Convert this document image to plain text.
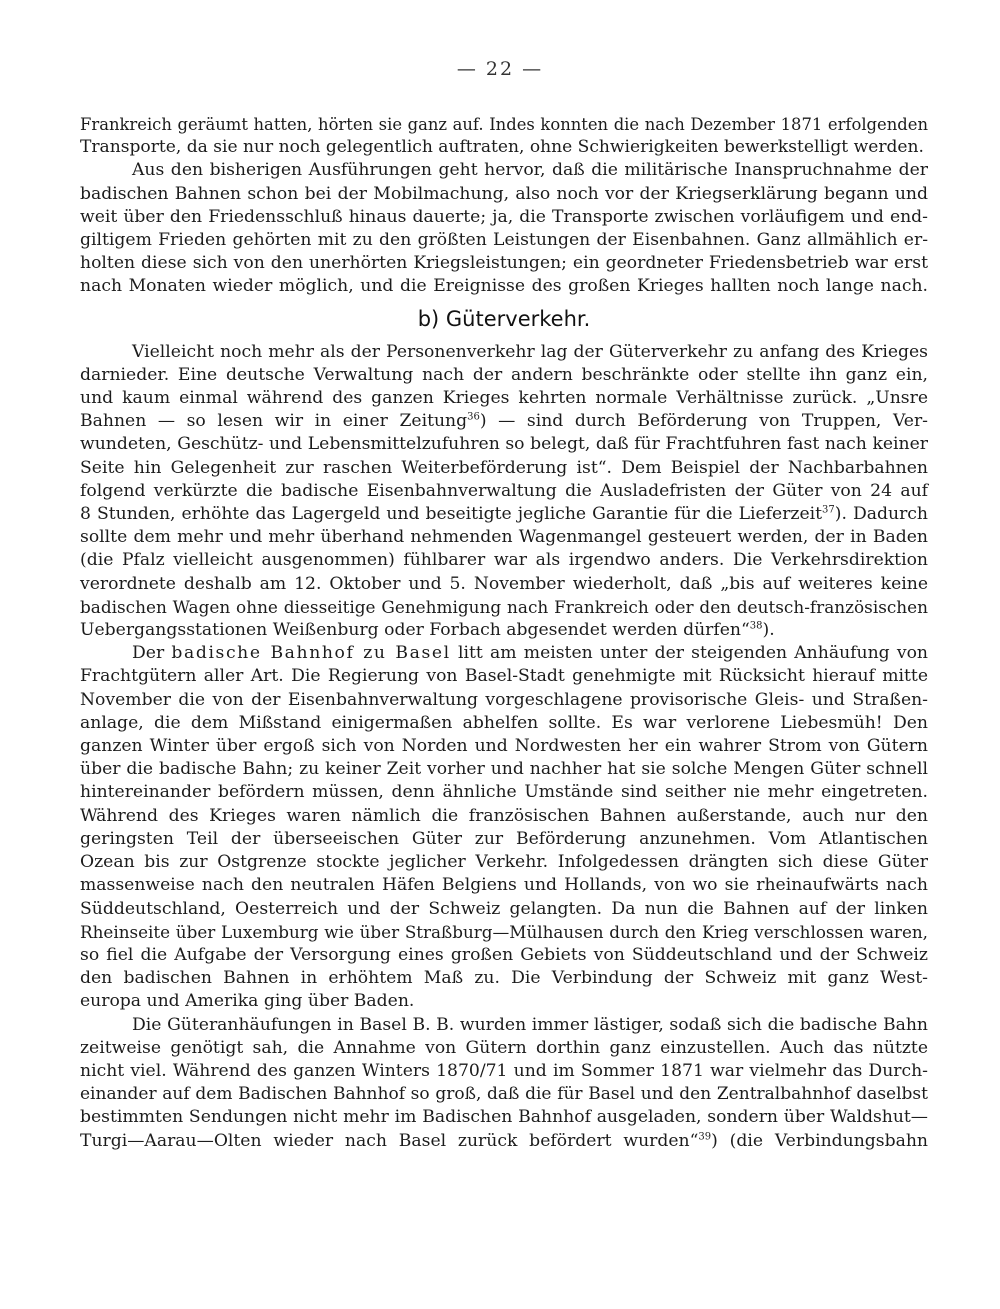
— 22 —
Frankreich geräumt hatten, hörten sie ganz auf. Indes konnten die nach Dezember 1871 erfolgenden
Transporte, da sie nur noch gelegentlich auftraten, ohne Schwierigkeiten bewerkstelligt werden.
Aus den bisherigen Ausführungen geht hervor, daß die militärische Inanspruchnahme der
badischen Bahnen schon bei der Mobilmachung, also noch vor der Kriegserklärung begann und
weit über den Friedensschluß hinaus dauerte; ja, die Transporte zwischen vorläufigem und end-
giltigem Frieden gehörten mit zu den größten Leistungen der Eisenbahnen. Ganz allmählich er-
holten diese sich von den unerhörten Kriegsleistungen; ein geordneter Friedensbetrieb war erst
nach Monaten wieder möglich, und die Ereignisse des großen Krieges hallten noch lange nach.
b) Güterverkehr.
Vielleicht noch mehr als der Personenverkehr lag der Güterverkehr zu anfang des Krieges
darnieder. Eine deutsche Verwaltung nach der andern beschränkte oder stellte ihn ganz ein,
und kaum einmal während des ganzen Krieges kehrten normale Verhältnisse zurück. „Unsre
Bahnen — so lesen wir in einer Zeitung$^{36}$) — sind durch Beförderung von Truppen, Ver-
wundeten, Geschütz- und Lebensmittelzufuhren so belegt, daß für Frachtfuhren fast nach keiner
Seite hin Gelegenheit zur raschen Weiterbeförderung ist“. Dem Beispiel der Nachbarbahnen
folgend verkürzte die badische Eisenbahnverwaltung die Ausladefristen der Güter von 24 auf
8 Stunden, erhöhte das Lagergeld und beseitigte jegliche Garantie für die Lieferzeit$^{37}$). Dadurch
sollte dem mehr und mehr überhand nehmenden Wagenmangel gesteuert werden, der in Baden
(die Pfalz vielleicht ausgenommen) fühlbarer war als irgendwo anders. Die Verkehrsdirektion
verordnete deshalb am 12. Oktober und 5. November wiederholt, daß „bis auf weiteres keine
badischen Wagen ohne diesseitige Genehmigung nach Frankreich oder den deutsch-französischen
Uebergangsstationen Weißenburg oder Forbach abgesendet werden dürfen“$^{38}$).
Der badische Bahnhof zu Basel litt am meisten unter der steigenden Anhäufung von
Frachtgütern aller Art. Die Regierung von Basel-Stadt genehmigte mit Rücksicht hierauf mitte
November die von der Eisenbahnverwaltung vorgeschlagene provisorische Gleis- und Straßen-
anlage, die dem Mißstand einigermaßen abhelfen sollte. Es war verlorene Liebesmüh! Den
ganzen Winter über ergoß sich von Norden und Nordwesten her ein wahrer Strom von Gütern
über die badische Bahn; zu keiner Zeit vorher und nachher hat sie solche Mengen Güter schnell
hintereinander befördern müssen, denn ähnliche Umstände sind seither nie mehr eingetreten.
Während des Krieges waren nämlich die französischen Bahnen außerstande, auch nur den
geringsten Teil der überseeischen Güter zur Beförderung anzunehmen. Vom Atlantischen
Ozean bis zur Ostgrenze stockte jeglicher Verkehr. Infolgedessen drängten sich diese Güter
massenweise nach den neutralen Häfen Belgiens und Hollands, von wo sie rheinaufwärts nach
Süddeutschland, Oesterreich und der Schweiz gelangten. Da nun die Bahnen auf der linken
Rheinseite über Luxemburg wie über Straßburg—Mülhausen durch den Krieg verschlossen waren,
so fiel die Aufgabe der Versorgung eines großen Gebiets von Süddeutschland und der Schweiz
den badischen Bahnen in erhöhtem Maß zu. Die Verbindung der Schweiz mit ganz West-
europa und Amerika ging über Baden.
Die Güteranhäufungen in Basel B. B. wurden immer lästiger, sodaß sich die badische Bahn
zeitweise genötigt sah, die Annahme von Gütern dorthin ganz einzustellen. Auch das nützte
nicht viel. Während des ganzen Winters 1870/71 und im Sommer 1871 war vielmehr das Durch-
einander auf dem Badischen Bahnhof so groß, daß die für Basel und den Zentralbahnhof daselbst
bestimmten Sendungen nicht mehr im Badischen Bahnhof ausgeladen, sondern über Waldshut—
Turgi—Aarau—Olten wieder nach Basel zurück befördert wurden“$^{39}$) (die Verbindungsbahn
